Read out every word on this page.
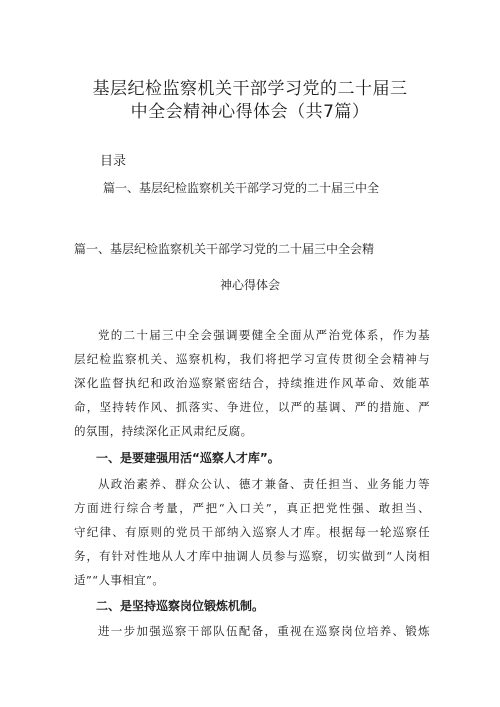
基层纪检监察机关干部学习党的二十届三
中全会精神心得体会（共7篇）
目录
篇一、基层纪检监察机关干部学习党的二十届三中全
篇一、基层纪检监察机关干部学习党的二十届三中全会精
神心得体会
党的二十届三中全会强调要健全全面从严治党体系，作为基
层纪检监察机关、巡察机构，我们将把学习宣传贯彻全会精神与
深化监督执纪和政治巡察紧密结合，持续推进作风革命、效能革
命，坚持转作风、抓落实、争进位，以严的基调、严的措施、严
的氛围，持续深化正风肃纪反腐。
一、是要建强用活“巡察人才库”。
从政治素养、群众公认、德才兼备、责任担当、业务能力等
方面进行综合考量，严把“入口关”，真正把党性强、敢担当、
守纪律、有原则的党员干部纳入巡察人才库。根据每一轮巡察任
务，有针对性地从人才库中抽调人员参与巡察，切实做到“人岗相
适”“人事相宜”。
二、是坚持巡察岗位锻炼机制。
进一步加强巡察干部队伍配备，重视在巡察岗位培养、锻炼
